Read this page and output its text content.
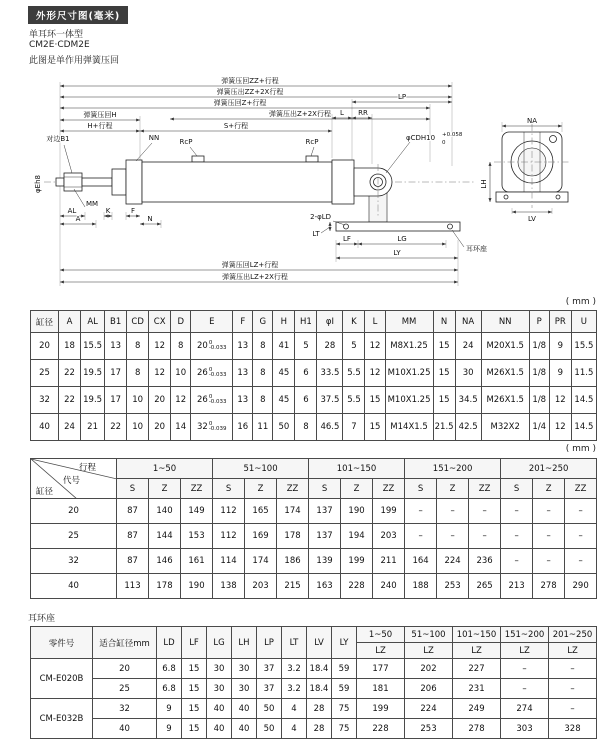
外形尺寸图(毫米)
单耳环一体型
CM2E·CDM2E
此图是单作用弹簧压回
弹簧压回ZZ+行程
弹簧压出ZZ+2X行程
弹簧压回Z+行程
弹簧压出Z+2X行程
LP
L RR
弹簧压回H
H+行程	S+行程
NN	RcP	RcP
对边B1	φCDH10 +0.058
0
φEh8
NA
MM
AL	K	F
A	N	2-φLD
LT
LF	LG
LY
LH
LV
耳环座
弹簧压回LZ+行程
弹簧压出LZ+2X行程
( mm )
缸径	A	AL	B1	CD	CX	D	E	F	G	H	H1	φI	K	L	MM	N	NA	NN	P	PR	U
20	18	15.5	13	8	12	8	20 0
-0.033	13	8	41	5	28	5	12	M8X1.25	15	24	M20X1.5	1/8	9	15.5
25	22	19.5	17	8	12	10	26 0
-0.033	13	8	45	6	33.5	5.5	12	M10X1.25	15	30	M26X1.5	1/8	9	11.5
32	22	19.5	17	10	20	12	26 0
-0.033	13	8	45	6	37.5	5.5	15	M10X1.25	15	34.5	M26X1.5	1/8	12	14.5
40	24	21	22	10	20	14	32 0
-0.039	16	11	50	8	46.5	7	15	M14X1.5	21.5	42.5	M32X2	1/4	12	14.5
( mm )
行程
代号
缸径	1~50			51~100			101~150			151~200			201~250		
	S	Z	ZZ	S	Z	ZZ	S	Z	ZZ	S	Z	ZZ	S	Z	ZZ
20	87	140	149	112	165	174	137	190	199	–	–	–	–	–	–
25	87	144	153	112	169	178	137	194	203	–	–	–	–	–	–
32	87	146	161	114	174	186	139	199	211	164	224	236	–	–	–
40	113	178	190	138	203	215	163	228	240	188	253	265	213	278	290
耳环座
零件号	适合缸径mm	LD	LF	LG	LH	LP	LT	LV	LY	1~50	51~100	101~150	151~200	201~250
										LZ	LZ	LZ	LZ	LZ
CM-E020B	20	6.8	15	30	30	37	3.2	18.4	59	177	202	227	–	–
	25	6.8	15	30	30	37	3.2	18.4	59	181	206	231	–	–
CM-E032B	32	9	15	40	40	50	4	28	75	199	224	249	274	–
	40	9	15	40	40	50	4	28	75	228	253	278	303	328
